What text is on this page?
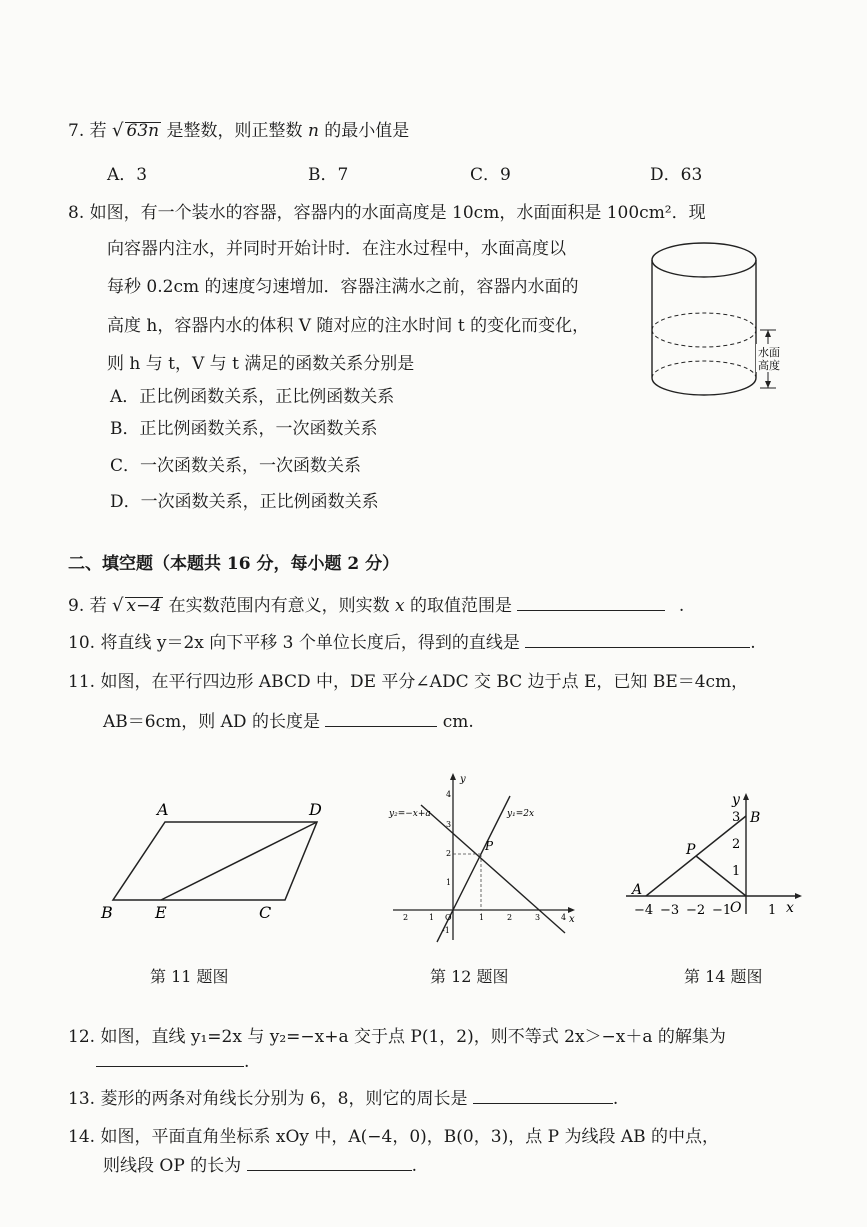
7. 若 √ 63n 是整数，则正整数 n 的最小值是
A．3	B．7	C．9	D．63
8. 如图，有一个装水的容器，容器内的水面高度是 10cm，水面面积是 100cm²．现
向容器内注水，并同时开始计时．在注水过程中，水面高度以
每秒 0.2cm 的速度匀速增加．容器注满水之前，容器内水面的
高度 h，容器内水的体积 V 随对应的注水时间 t 的变化而变化，
则 h 与 t，V 与 t 满足的函数关系分别是
A．正比例函数关系，正比例函数关系
B．正比例函数关系，一次函数关系
C．一次函数关系，一次函数关系
D．一次函数关系，正比例函数关系
水面
高度
二、填空题（本题共 16 分，每小题 2 分）
9. 若 √ x−4 在实数范围内有意义，则实数 x 的取值范围是	.
10. 将直线 y＝2x 向下平移 3 个单位长度后，得到的直线是	.
11. 如图，在平行四边形 ABCD 中，DE 平分∠ADC 交 BC 边于点 E，已知 BE＝4cm，
AB＝6cm，则 AD 的长度是	cm.
A	D
B	E	C
第 11 题图
y
x
y₂=−x+a	y₁=2x
P
2	1 O	1	2	3	4
4
3
2
1
-1
第 12 题图
y
x
A
B
P
O
−4 −3 −2 −1	1
3
2
1
第 14 题图
12. 如图，直线 y₁=2x 与 y₂=−x+a 交于点 P(1，2)，则不等式 2x＞−x＋a 的解集为
.
13. 菱形的两条对角线长分别为 6，8，则它的周长是	.
14. 如图，平面直角坐标系 xOy 中，A(−4，0)，B(0，3)，点 P 为线段 AB 的中点，
则线段 OP 的长为	.
